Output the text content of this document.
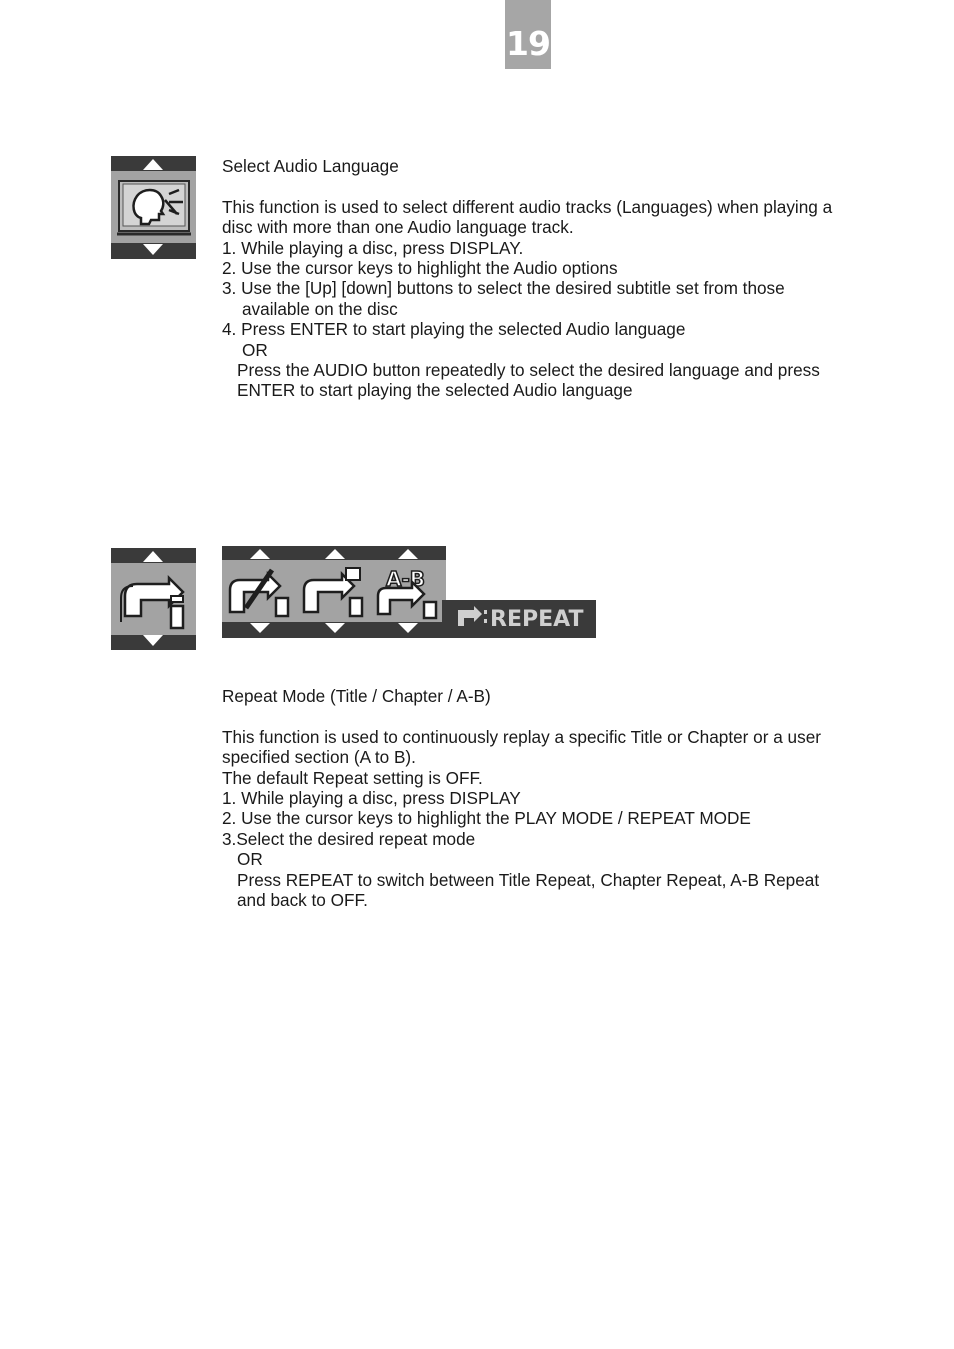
19

Select Audio Language

This function is used to select different audio tracks (Languages) when playing a disc with more than one Audio language track.

1. While playing a disc, press DISPLAY.

2. Use the cursor keys to highlight the Audio options

3. Use the [Up] [down] buttons to select the desired subtitle set from those available on the disc

4. Press ENTER to start playing the selected Audio language

OR

Press the AUDIO button repeatedly to select the desired language and press ENTER to start playing the selected Audio language

A-B
REPEAT

Repeat Mode (Title / Chapter / A-B)

This function is used to continuously replay a specific Title or Chapter or a user specified section (A to B).

The default Repeat setting is OFF.

1. While playing a disc, press DISPLAY

2. Use the cursor keys to highlight the PLAY MODE / REPEAT MODE

3.Select the desired repeat mode

OR

Press REPEAT to switch between Title Repeat, Chapter Repeat, A-B Repeat and back to OFF.
